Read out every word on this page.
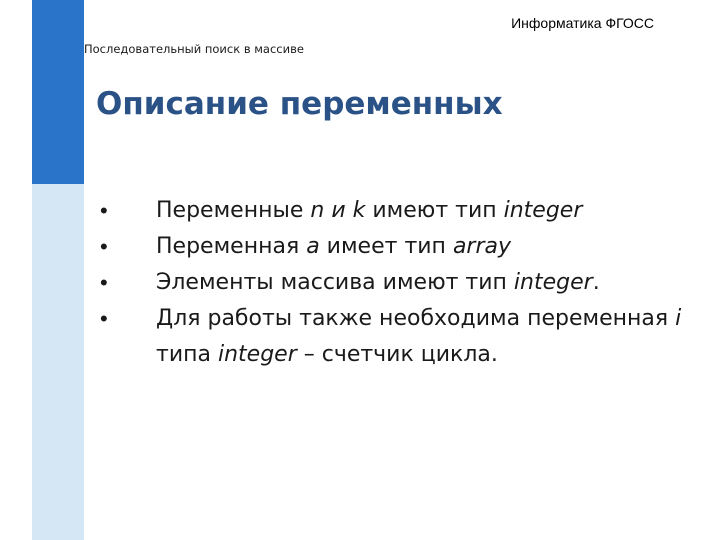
Информатика ФГОСС
Последовательный поиск в массиве
Описание переменных
•	Переменные n и k имеют тип integer
•	Переменная a имеет тип array
•	Элементы массива имеют тип integer.
•	Для работы также необходима переменная i типа integer – счетчик цикла.
